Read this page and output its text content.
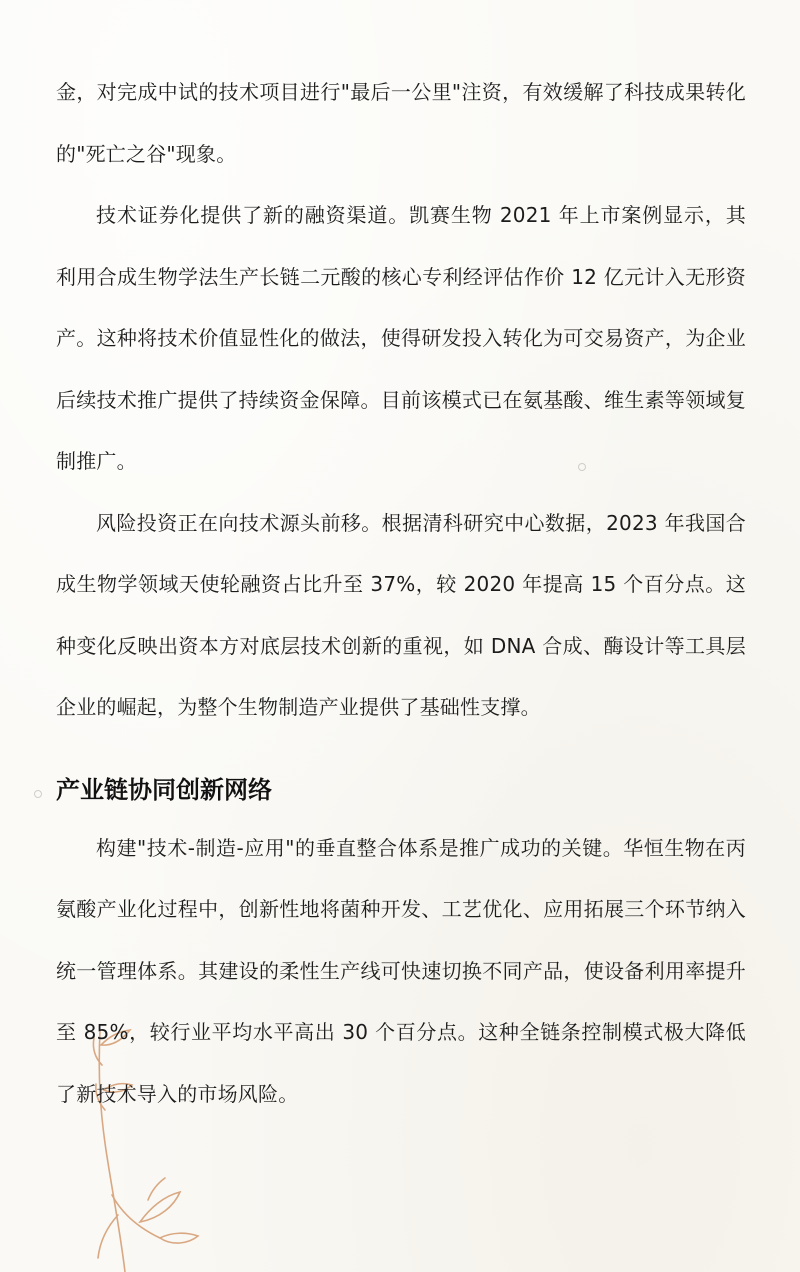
金，对完成中试的技术项目进行"最后一公里"注资，有效缓解了科技成果转化的"死亡之谷"现象。

技术证券化提供了新的融资渠道。凯赛生物 2021 年上市案例显示，其利用合成生物学法生产长链二元酸的核心专利经评估作价 12 亿元计入无形资产。这种将技术价值显性化的做法，使得研发投入转化为可交易资产，为企业后续技术推广提供了持续资金保障。目前该模式已在氨基酸、维生素等领域复制推广。

风险投资正在向技术源头前移。根据清科研究中心数据，2023 年我国合成生物学领域天使轮融资占比升至 37%，较 2020 年提高 15 个百分点。这种变化反映出资本方对底层技术创新的重视，如 DNA 合成、酶设计等工具层企业的崛起，为整个生物制造产业提供了基础性支撑。

产业链协同创新网络

构建"技术-制造-应用"的垂直整合体系是推广成功的关键。华恒生物在丙氨酸产业化过程中，创新性地将菌种开发、工艺优化、应用拓展三个环节纳入统一管理体系。其建设的柔性生产线可快速切换不同产品，使设备利用率提升至 85%，较行业平均水平高出 30 个百分点。这种全链条控制模式极大降低了新技术导入的市场风险。
